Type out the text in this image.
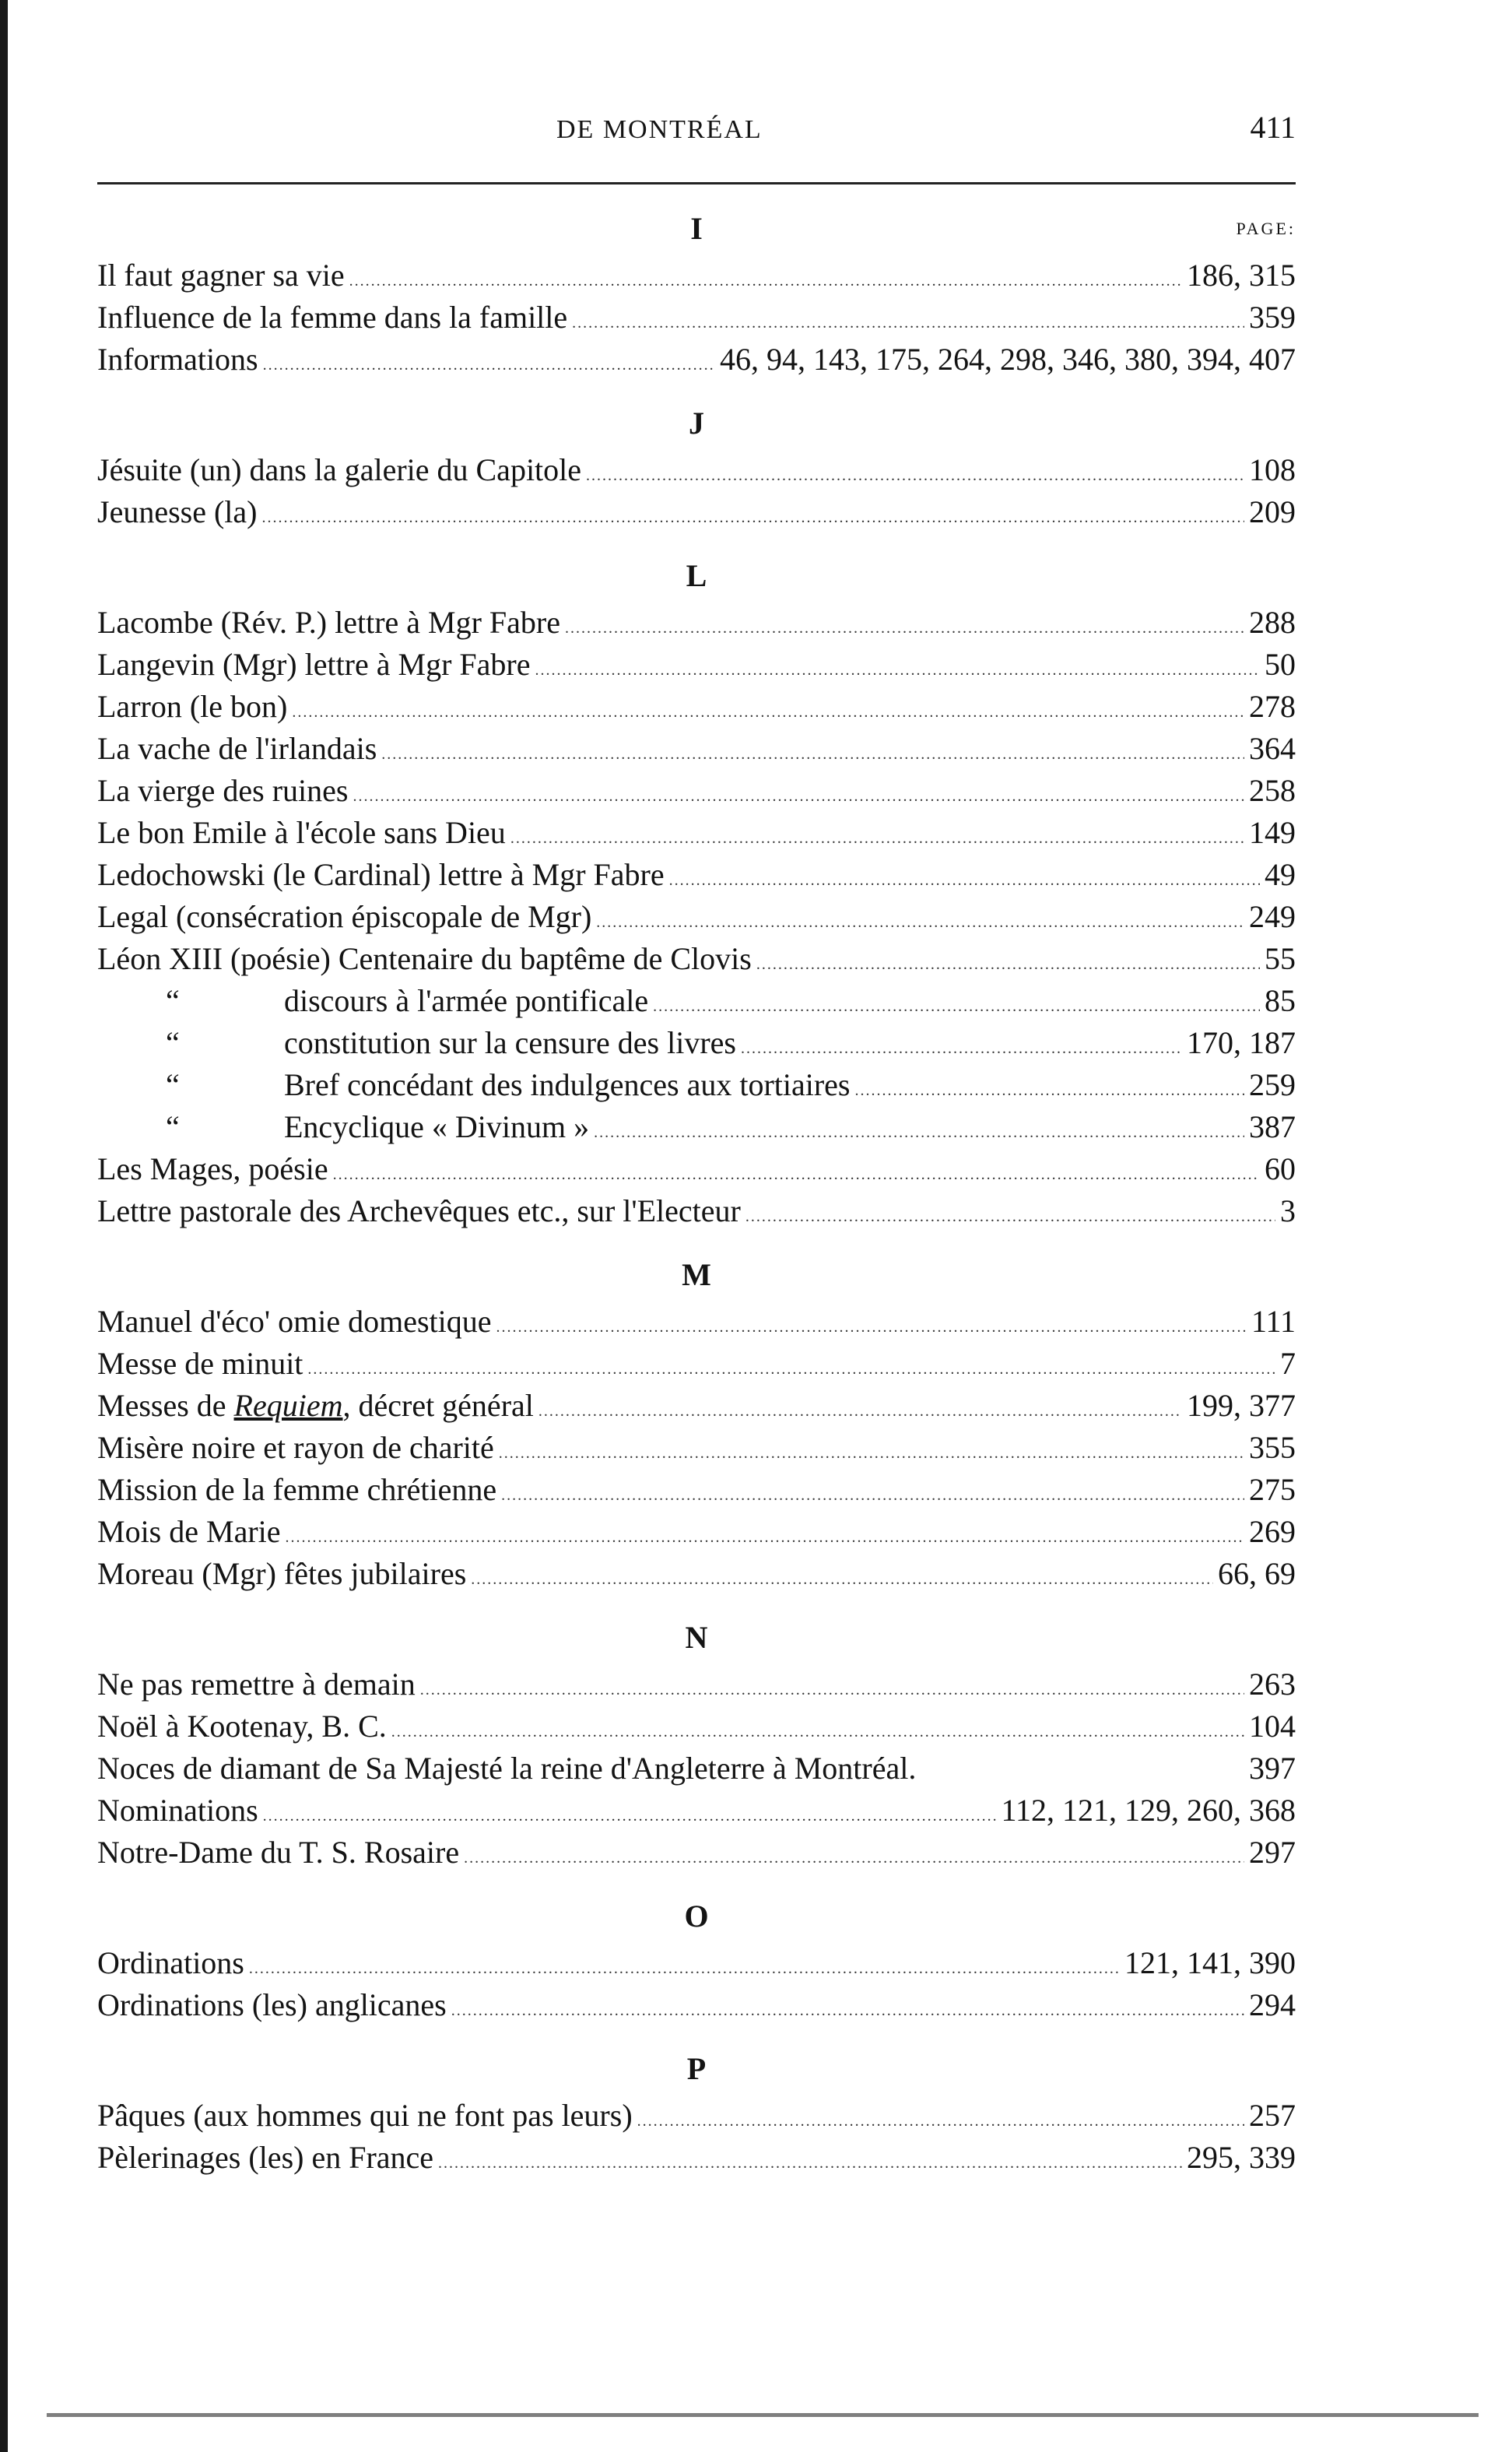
DE MONTRÉAL	411
I	PAGE:
Il faut gagner sa vie .....	186, 315
Influence de la femme dans la famille .....	359
Informations .....	46, 94, 143, 175, 264, 298, 346, 380, 394, 407
J
Jésuite (un) dans la galerie du Capitole .....	108
Jeunesse (la) .....	209
L
Lacombe (Rév. P.) lettre à Mgr Fabre .....	288
Langevin (Mgr) lettre à Mgr Fabre .....	50
Larron (le bon) .....	278
La vache de l'irlandais .....	364
La vierge des ruines .....	258
Le bon Emile à l'école sans Dieu .....	149
Ledochowski (le Cardinal) lettre à Mgr Fabre .....	49
Legal (consécration épiscopale de Mgr) .....	249
Léon XIII (poésie) Centenaire du baptême de Clovis .....	55
“	discours à l'armée pontificale .....	85
“	constitution sur la censure des livres .....	170, 187
“	Bref concédant des indulgences aux tortiaires .....	259
“	Encyclique « Divinum » .....	387
Les Mages, poésie .....	60
Lettre pastorale des Archevêques etc., sur l'Electeur .....	3
M
Manuel d'éco' omie domestique .....	111
Messe de minuit .....	7
Messes de Requiem, décret général .....	199, 377
Misère noire et rayon de charité .....	355
Mission de la femme chrétienne .....	275
Mois de Marie .....	269
Moreau (Mgr) fêtes jubilaires .....	66, 69
N
Ne pas remettre à demain .....	263
Noël à Kootenay, B. C. .....	104
Noces de diamant de Sa Majesté la reine d'Angleterre à Montréal.	397
Nominations .....	112, 121, 129, 260, 368
Notre-Dame du T. S. Rosaire .....	297
O
Ordinations .....	121, 141, 390
Ordinations (les) anglicanes .....	294
P
Pâques (aux hommes qui ne font pas leurs) .....	257
Pèlerinages (les) en France .....	295, 339
